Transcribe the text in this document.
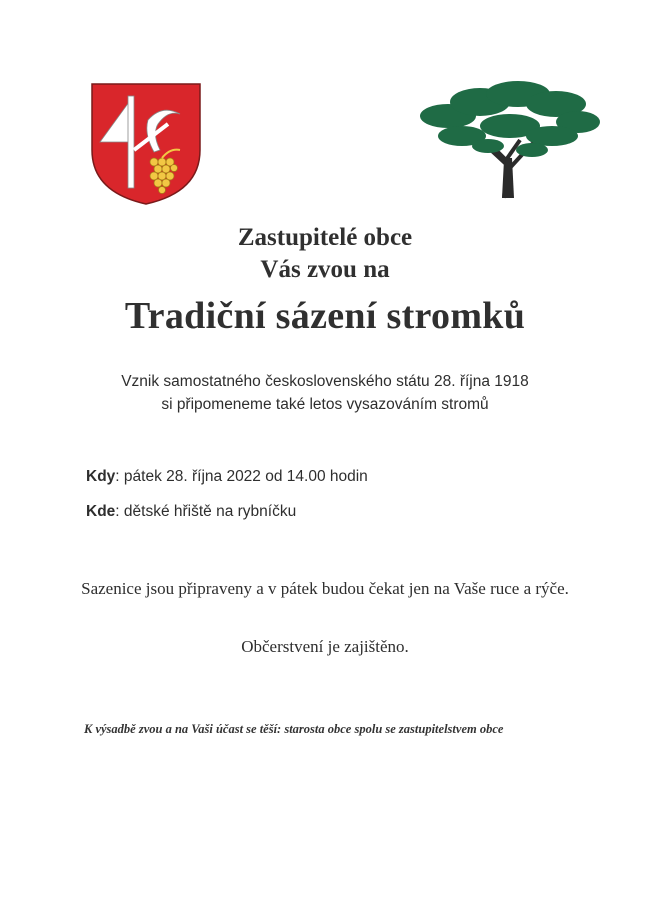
Zastupitelé obce
Vás zvou na
Tradiční sázení stromků
Vznik samostatného československého státu 28. října 1918
si připomeneme také letos vysazováním stromů
Kdy: pátek 28. října 2022 od 14.00 hodin
Kde: dětské hřiště na rybníčku
Sazenice jsou připraveny a v pátek budou čekat jen na Vaše ruce a rýče.
Občerstvení je zajištěno.
K výsadbě zvou a na Vaši účast se těší: starosta obce spolu se zastupitelstvem obce
